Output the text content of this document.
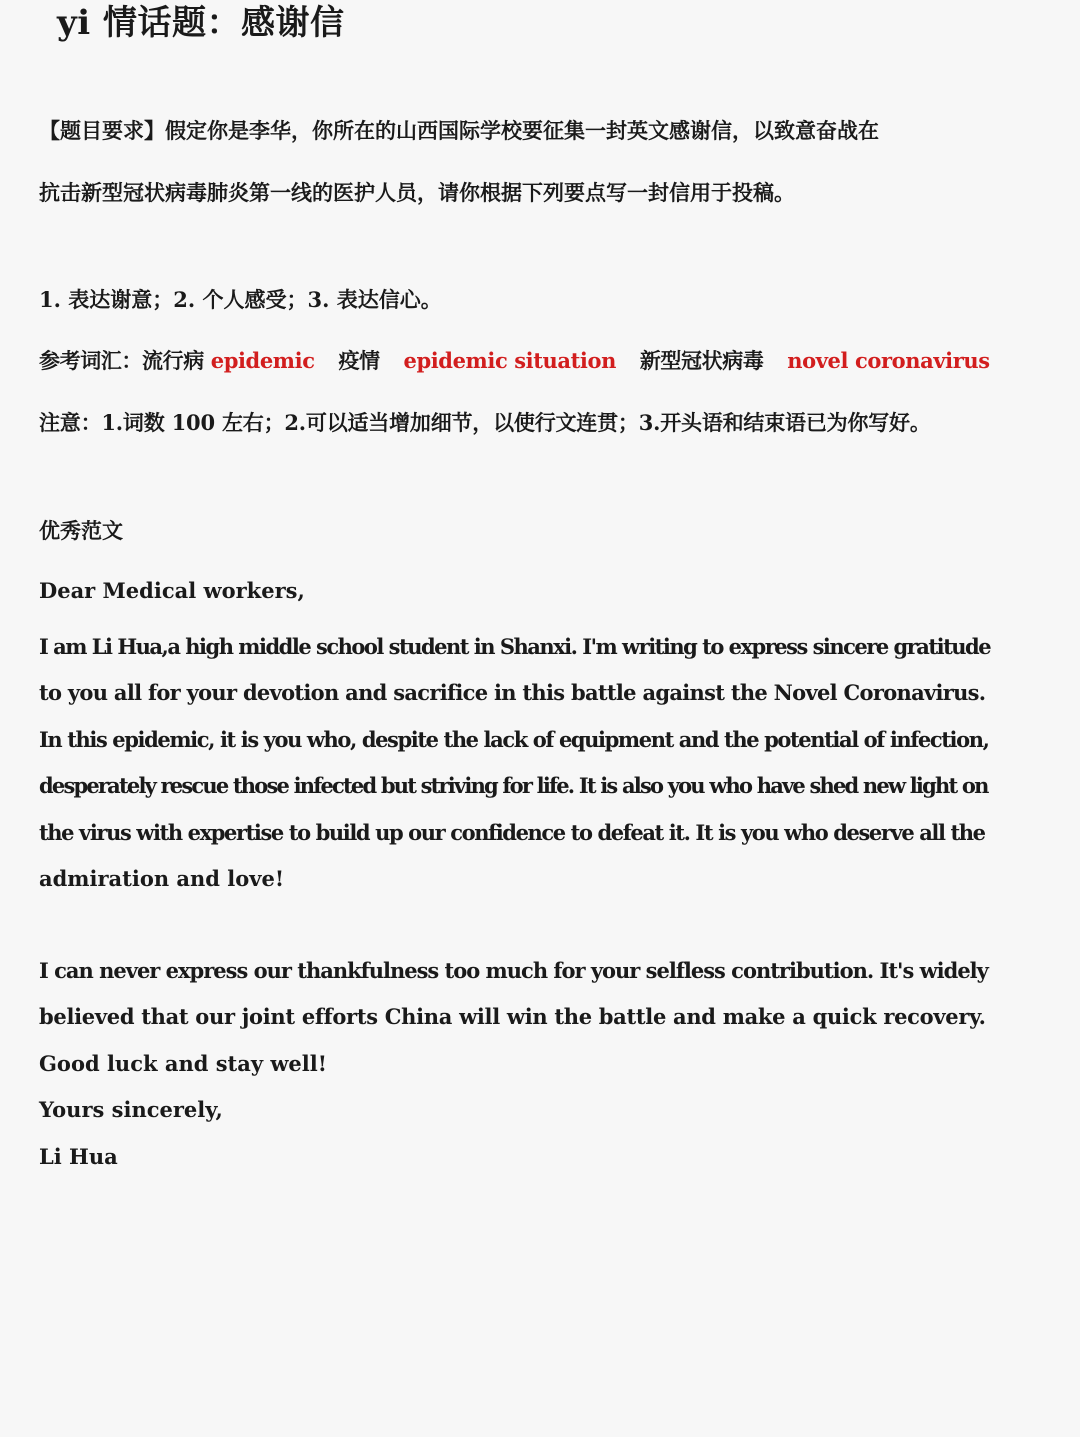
yi 情话题：感谢信
【题目要求】假定你是李华，你所在的山西国际学校要征集一封英文感谢信，以致意奋战在
抗击新型冠状病毒肺炎第一线的医护人员，请你根据下列要点写一封信用于投稿。
1. 表达谢意；2. 个人感受；3. 表达信心。
参考词汇：流行病 epidemic 疫情 epidemic situation 新型冠状病毒 novel coronavirus
注意：1.词数 100 左右；2.可以适当增加细节，以使行文连贯；3.开头语和结束语已为你写好。
优秀范文
Dear Medical workers,
I am Li Hua,a high middle school student in Shanxi. I'm writing to express sincere gratitude
to you all for your devotion and sacrifice in this battle against the Novel Coronavirus.
In this epidemic, it is you who, despite the lack of equipment and the potential of infection,
desperately rescue those infected but striving for life. It is also you who have shed new light on
the virus with expertise to build up our confidence to defeat it. It is you who deserve all the
admiration and love!
I can never express our thankfulness too much for your selfless contribution. It's widely
believed that our joint efforts China will win the battle and make a quick recovery.
Good luck and stay well!
Yours sincerely,
Li Hua
